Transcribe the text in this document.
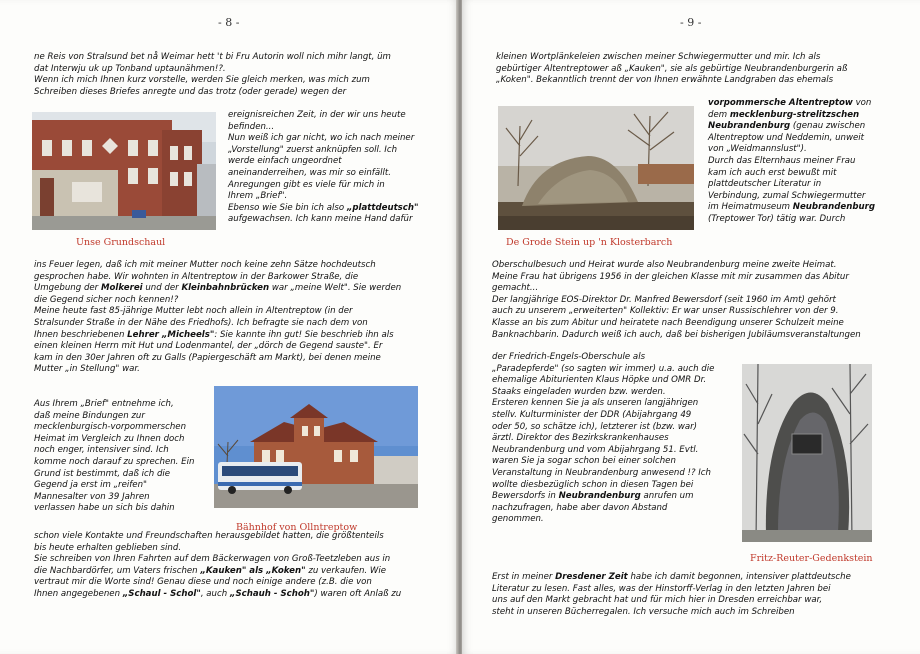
- 8 -

ne Reis von Stralsund bet nå Weimar hett 't bi Fru Autorin woll nich mihr langt, üm

dat Interwju uk up Tonband uptaunähmen!?.

Wenn ich mich Ihnen kurz vorstelle, werden Sie gleich merken, was mich zum

Schreiben dieses Briefes anregte und das trotz (oder gerade) wegen der

Unse Grundschaul

ereignisreichen Zeit, in der wir uns heute

befinden...

Nun weiß ich gar nicht, wo ich nach meiner

„Vorstellung" zuerst anknüpfen soll. Ich

werde einfach ungeordnet

aneinanderreihen, was mir so einfällt.

Anregungen gibt es viele für mich in

Ihrem „Brief".

Ebenso wie Sie bin ich also „plattdeutsch"

aufgewachsen. Ich kann meine Hand dafür

ins Feuer legen, daß ich mit meiner Mutter noch keine zehn Sätze hochdeutsch

gesprochen habe. Wir wohnten in Altentreptow in der Barkower Straße, die

Umgebung der Molkerei und der Kleinbahnbrücken war „meine Welt". Sie werden

die Gegend sicher noch kennen!?

Meine heute fast 85-jährige Mutter lebt noch allein in Altentreptow (in der

Stralsunder Straße in der Nähe des Friedhofs). Ich befragte sie nach dem von

Ihnen beschriebenen Lehrer „Micheels": Sie kannte ihn gut! Sie beschrieb ihn als

einen kleinen Herrn mit Hut und Lodenmantel, der „dörch de Gegend sauste". Er

kam in den 30er Jahren oft zu Galls (Papiergeschäft am Markt), bei denen meine

Mutter „in Stellung" war.

Aus Ihrem „Brief" entnehme ich,

daß meine Bindungen zur

mecklenburgisch-vorpommerschen

Heimat im Vergleich zu Ihnen doch

noch enger, intensiver sind. Ich

komme noch darauf zu sprechen. Ein

Grund ist bestimmt, daß ich die

Gegend ja erst im „reifen"

Mannesalter von 39 Jahren

verlassen habe un sich bis dahin

Bähnhof von Ollntreptow

schon viele Kontakte und Freundschaften herausgebildet hatten, die größtenteils

bis heute erhalten geblieben sind.

Sie schreiben von Ihren Fahrten auf dem Bäckerwagen von Groß-Teetzleben aus in

die Nachbardörfer, um Vaters frischen „Kauken" als „Koken" zu verkaufen. Wie

vertraut mir die Worte sind! Genau diese und noch einige andere (z.B. die von

Ihnen angegebenen „Schaul - Schol", auch „Schauh - Schoh") waren oft Anlaß zu

- 9 -

kleinen Wortplänkeleien zwischen meiner Schwiegermutter und mir. Ich als

gebürtiger Altentreptower aß „Kauken", sie als gebürtige Neubrandenburgerin aß

„Koken". Bekanntlich trennt der von Ihnen erwähnte Landgraben das ehemals

De Grode Stein up 'n Klosterbarch

vorpommersche Altentreptow von

dem mecklenburg-strelitzschen

Neubrandenburg (genau zwischen

Altentreptow und Neddemin, unweit

von „Weidmannslust").

Durch das Elternhaus meiner Frau

kam ich auch erst bewußt mit

plattdeutscher Literatur in

Verbindung, zumal Schwiegermutter

im Heimatmuseum Neubrandenburg

(Treptower Tor) tätig war. Durch

Oberschulbesuch und Heirat wurde also Neubrandenburg meine zweite Heimat.

Meine Frau hat übrigens 1956 in der gleichen Klasse mit mir zusammen das Abitur

gemacht...

Der langjährige EOS-Direktor Dr. Manfred Bewersdorf (seit 1960 im Amt) gehört

auch zu unserem „erweiterten" Kollektiv: Er war unser Russischlehrer von der 9.

Klasse an bis zum Abitur und heiratete nach Beendigung unserer Schulzeit meine

Banknachbarin. Dadurch weiß ich auch, daß bei bisherigen Jubiläumsveranstaltungen

der Friedrich-Engels-Oberschule als

„Paradepferde" (so sagten wir immer) u.a. auch die

ehemalige Abiturienten Klaus Höpke und OMR Dr.

Staaks eingeladen wurden bzw. werden.

Ersteren kennen Sie ja als unseren langjährigen

stellv. Kulturminister der DDR (Abijahrgang 49

oder 50, so schätze ich), letzterer ist (bzw. war)

ärztl. Direktor des Bezirkskrankenhauses

Neubrandenburg und vom Abijahrgang 51. Evtl.

waren Sie ja sogar schon bei einer solchen

Veranstaltung in Neubrandenburg anwesend !? Ich

wollte diesbezüglich schon in diesen Tagen bei

Bewersdorfs in Neubrandenburg anrufen um

nachzufragen, habe aber davon Abstand

genommen.

Fritz-Reuter-Gedenkstein

Erst in meiner Dresdener Zeit habe ich damit begonnen, intensiver plattdeutsche

Literatur zu lesen. Fast alles, was der Hinstorff-Verlag in den letzten Jahren bei

uns auf den Markt gebracht hat und für mich hier in Dresden erreichbar war,

steht in unseren Bücherregalen. Ich versuche mich auch im Schreiben
